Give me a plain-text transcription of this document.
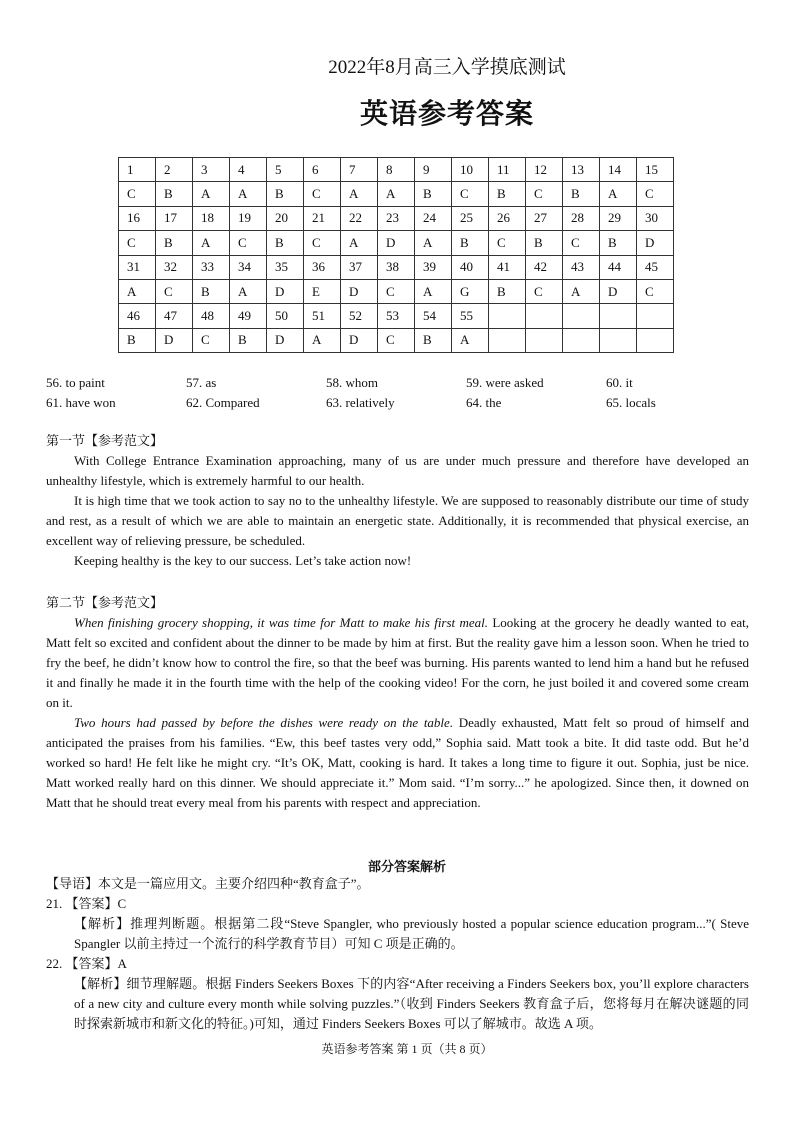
2022年8月高三入学摸底测试
英语参考答案
1	2	3	4	5	6	7	8	9	10	11	12	13	14	15
C	B	A	A	B	C	A	A	B	C	B	C	B	A	C
16	17	18	19	20	21	22	23	24	25	26	27	28	29	30
C	B	A	C	B	C	A	D	A	B	C	B	C	B	D
31	32	33	34	35	36	37	38	39	40	41	42	43	44	45
A	C	B	A	D	E	D	C	A	G	B	C	A	D	C
46	47	48	49	50	51	52	53	54	55					
B	D	C	B	D	A	D	C	B	A					
56. to paint	57. as	58. whom	59. were asked	60. it
61. have won	62. Compared	63. relatively	64. the	65. locals

第一节【参考范文】

With College Entrance Examination approaching, many of us are under much pressure and therefore have developed an unhealthy lifestyle, which is extremely harmful to our health.

It is high time that we took action to say no to the unhealthy lifestyle. We are supposed to reasonably distribute our time of study and rest, as a result of which we are able to maintain an energetic state. Additionally, it is recommended that physical exercise, an excellent way of relieving pressure, be scheduled.

Keeping healthy is the key to our success. Let’s take action now!

第二节【参考范文】

When finishing grocery shopping, it was time for Matt to make his first meal. Looking at the grocery he deadly wanted to eat, Matt felt so excited and confident about the dinner to be made by him at first. But the reality gave him a lesson soon. When he tried to fry the beef, he didn’t know how to control the fire, so that the beef was burning. His parents wanted to lend him a hand but he refused it and finally he made it in the fourth time with the help of the cooking video! For the corn, he just boiled it and covered some cream on it.

Two hours had passed by before the dishes were ready on the table. Deadly exhausted, Matt felt so proud of himself and anticipated the praises from his families. “Ew, this beef tastes very odd,” Sophia said. Matt took a bite. It did taste odd. But he’d worked so hard! He felt like he might cry. “It’s OK, Matt, cooking is hard. It takes a long time to figure it out. Sophia, just be nice. Matt worked really hard on this dinner. We should appreciate it.” Mom said. “I’m sorry...” he apologized. Since then, it downed on Matt that he should treat every meal from his parents with respect and appreciation.

部分答案解析
【导语】本文是一篇应用文。主要介绍四种“教育盒子”。
21. 【答案】C
【解析】推理判断题。根据第二段“Steve Spangler, who previously hosted a popular science education program...”( Steve Spangler 以前主持过一个流行的科学教育节目）可知 C 项是正确的。
22. 【答案】A
【解析】细节理解题。根据 Finders Seekers Boxes 下的内容“After receiving a Finders Seekers box, you’ll explore characters of a new city and culture every month while solving puzzles.”（收到 Finders Seekers 教育盒子后，您将每月在解决谜题的同时探索新城市和新文化的特征。)可知，通过 Finders Seekers Boxes 可以了解城市。故选 A 项。
英语参考答案 第 1 页（共 8 页）
